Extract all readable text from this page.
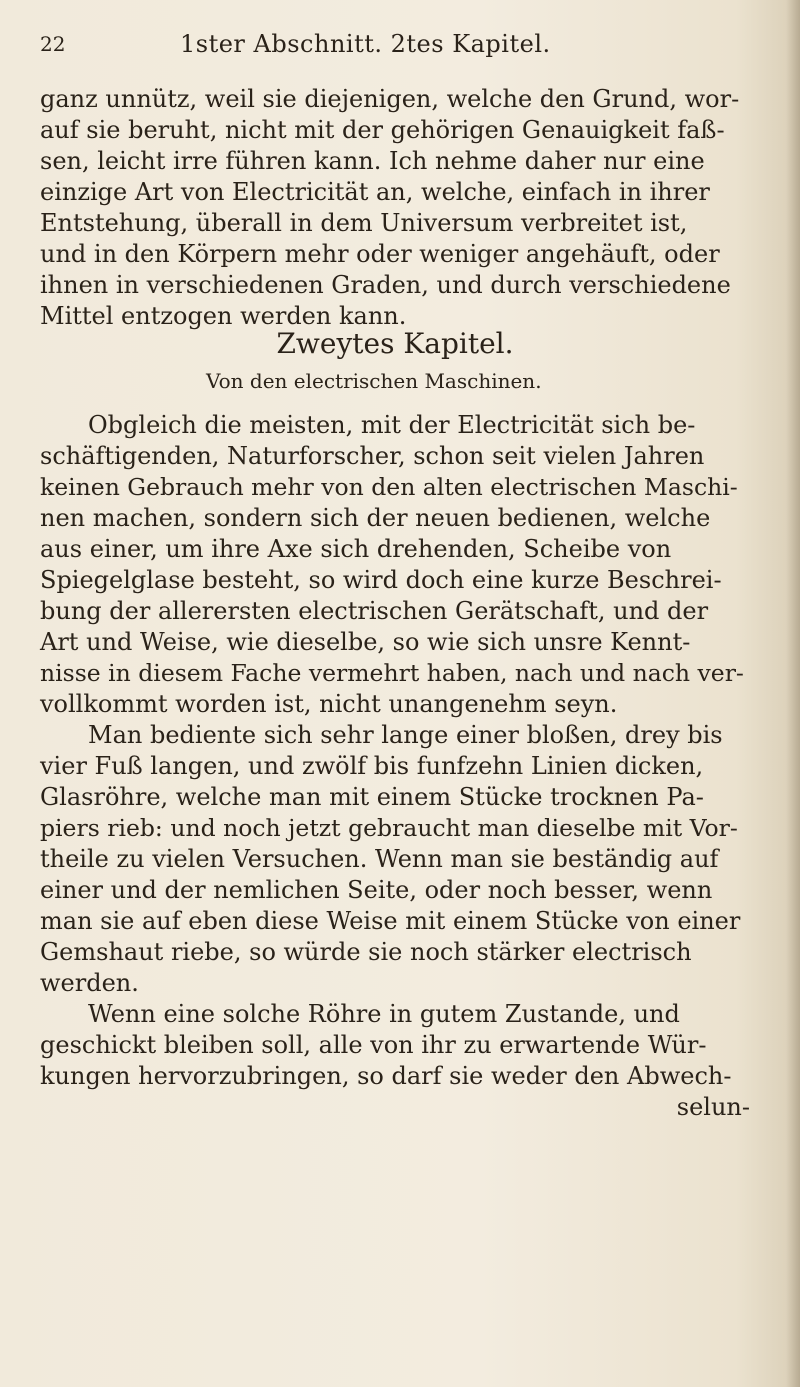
22	1ster Abschnitt. 2tes Kapitel.
ganz unnütz, weil sie diejenigen, welche den Grund, wor-
auf sie beruht, nicht mit der gehörigen Genauigkeit faß-
sen, leicht irre führen kann. Ich nehme daher nur eine
einzige Art von Electricität an, welche, einfach in ihrer
Entstehung, überall in dem Universum verbreitet ist,
und in den Körpern mehr oder weniger angehäuft, oder
ihnen in verschiedenen Graden, und durch verschiedene
Mittel entzogen werden kann.
Zweytes Kapitel.
Von den electrischen Maschinen.
Obgleich die meisten, mit der Electricität sich be-
schäftigenden, Naturforscher, schon seit vielen Jahren
keinen Gebrauch mehr von den alten electrischen Maschi-
nen machen, sondern sich der neuen bedienen, welche
aus einer, um ihre Axe sich drehenden, Scheibe von
Spiegelglase besteht, so wird doch eine kurze Beschrei-
bung der allerersten electrischen Gerätschaft, und der
Art und Weise, wie dieselbe, so wie sich unsre Kennt-
nisse in diesem Fache vermehrt haben, nach und nach ver-
vollkommt worden ist, nicht unangenehm seyn.
Man bediente sich sehr lange einer bloßen, drey bis
vier Fuß langen, und zwölf bis funfzehn Linien dicken,
Glasröhre, welche man mit einem Stücke trocknen Pa-
piers rieb: und noch jetzt gebraucht man dieselbe mit Vor-
theile zu vielen Versuchen. Wenn man sie beständig auf
einer und der nemlichen Seite, oder noch besser, wenn
man sie auf eben diese Weise mit einem Stücke von einer
Gemshaut riebe, so würde sie noch stärker electrisch
werden.
Wenn eine solche Röhre in gutem Zustande, und
geschickt bleiben soll, alle von ihr zu erwartende Wür-
kungen hervorzubringen, so darf sie weder den Abwech-
selun-
